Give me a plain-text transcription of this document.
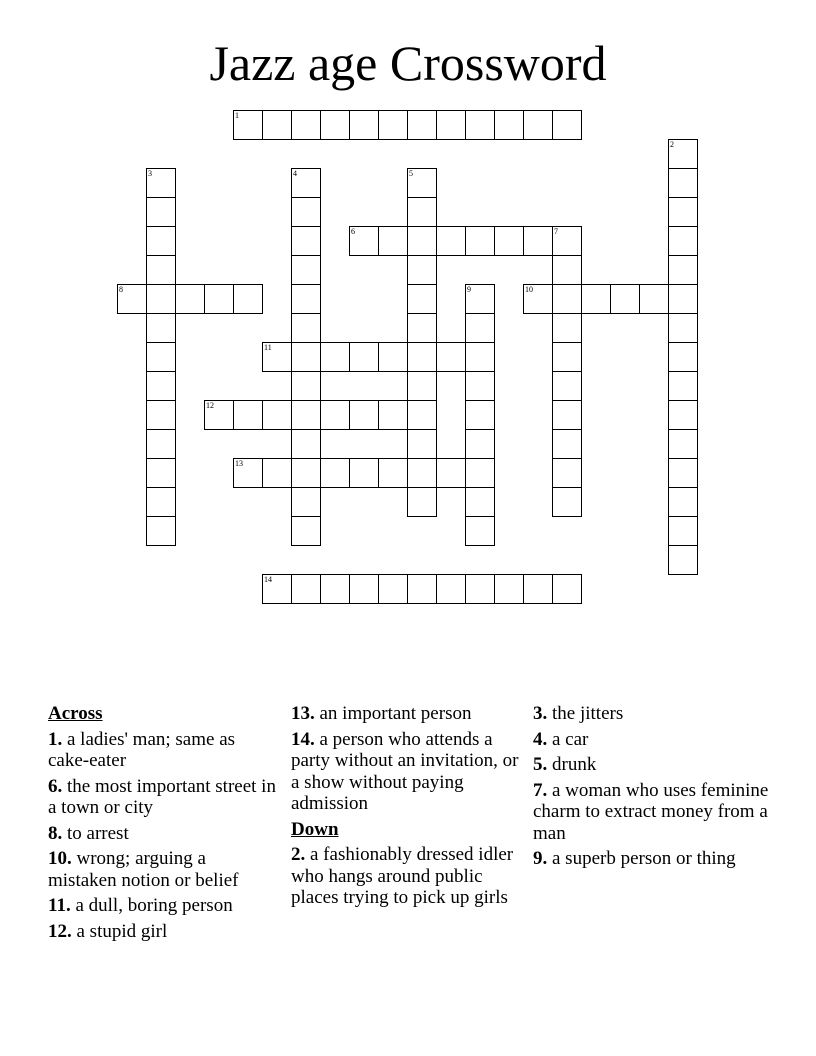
Jazz age Crossword
1
2
3	4	5
6	7
8	9	10
11
12
13
14
Across
1. a ladies' man; same as cake-eater
6. the most important street in a town or city
8. to arrest
10. wrong; arguing a mistaken notion or belief
11. a dull, boring person
12. a stupid girl
13. an important person
14. a person who attends a party without an invitation, or a show without paying admission
Down
2. a fashionably dressed idler who hangs around public places trying to pick up girls
3. the jitters
4. a car
5. drunk
7. a woman who uses feminine charm to extract money from a man
9. a superb person or thing
